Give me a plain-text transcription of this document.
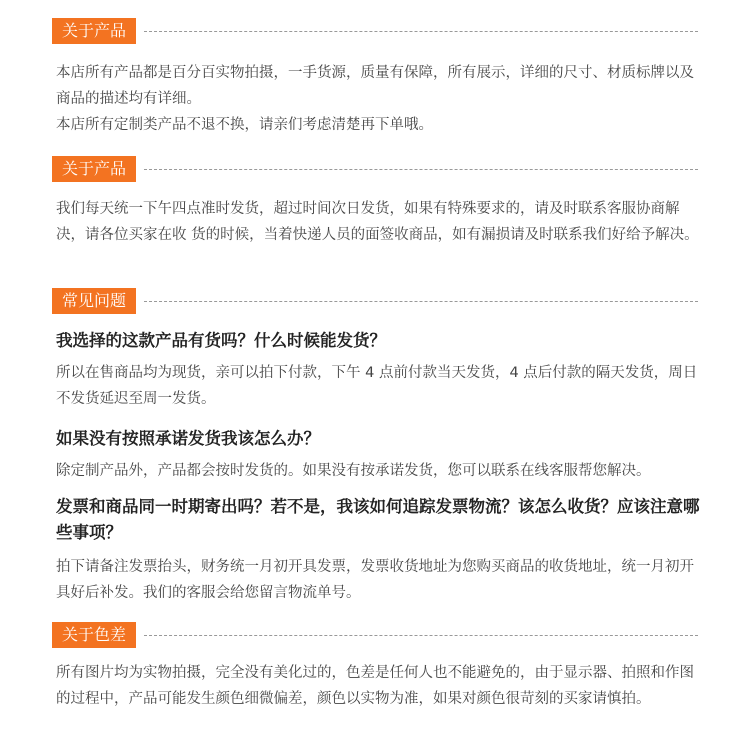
关于产品

本店所有产品都是百分百实物拍摄，一手货源，质量有保障，所有展示，详细的尺寸、材质标牌以及商品的描述均有详细。

本店所有定制类产品不退不换，请亲们考虑清楚再下单哦。

关于产品

我们每天统一下午四点准时发货，超过时间次日发货，如果有特殊要求的，请及时联系客服协商解决，请各位买家在收 货的时候，当着快递人员的面签收商品，如有漏损请及时联系我们好给予解决。

常见问题
我选择的这款产品有货吗？什么时候能发货？

所以在售商品均为现货，亲可以拍下付款，下午 4 点前付款当天发货，4 点后付款的隔天发货，周日不发货延迟至周一发货。

如果没有按照承诺发货我该怎么办？

除定制产品外，产品都会按时发货的。如果没有按承诺发货，您可以联系在线客服帮您解决。

发票和商品同一时期寄出吗？若不是，我该如何追踪发票物流？该怎么收货？应该注意哪些事项？

拍下请备注发票抬头，财务统一月初开具发票，发票收货地址为您购买商品的收货地址，统一月初开具好后补发。我们的客服会给您留言物流单号。

关于色差

所有图片均为实物拍摄，完全没有美化过的，色差是任何人也不能避免的，由于显示器、拍照和作图的过程中，产品可能发生颜色细微偏差，颜色以实物为准，如果对颜色很苛刻的买家请慎拍。
